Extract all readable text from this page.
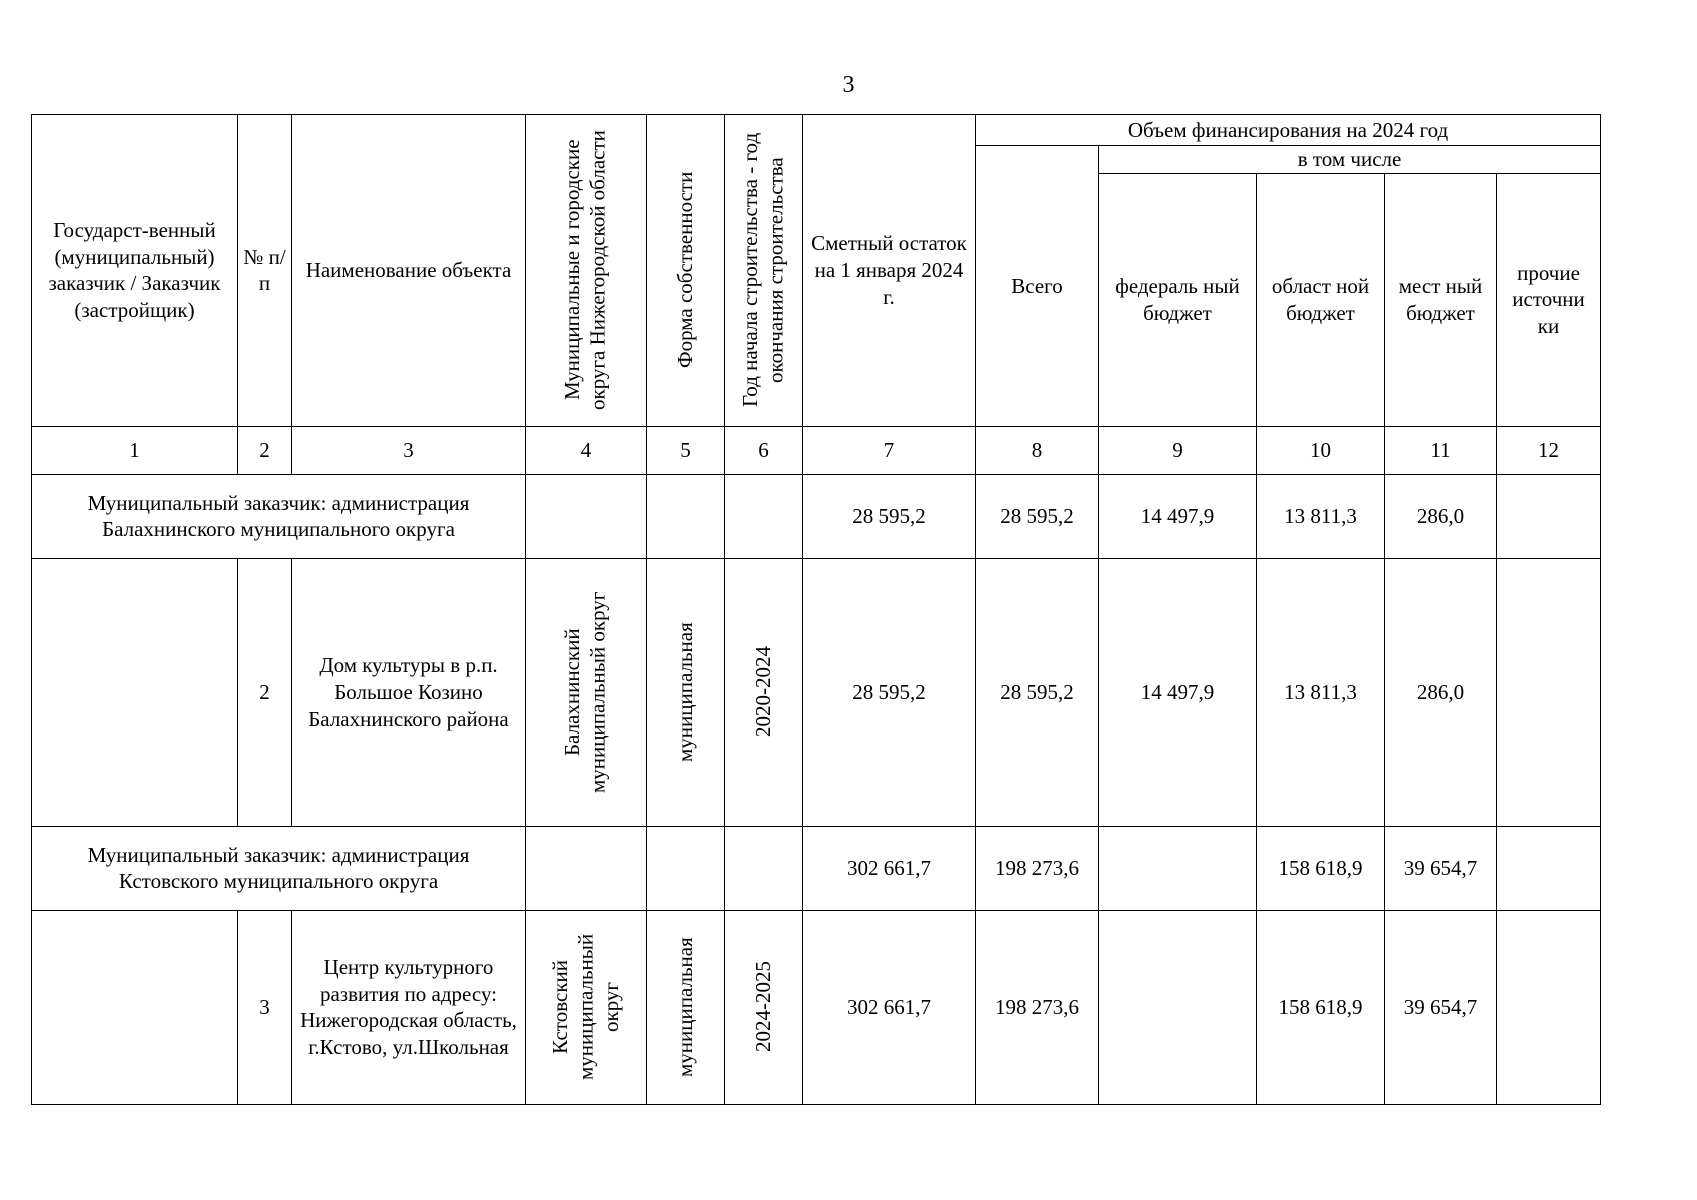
3
Государст-венный (муниципальный) заказчик / Заказчик (застройщик)	№ п/п	Наименование объекта	Муниципальные и городские округа Нижегородской области	Форма собственности	Год начала строительства - год окончания строительства	Сметный остаток на 1 января 2024 г.	Объем финансирования на 2024 год				
							Всего	в том числе			
								федераль ный бюджет	област ной бюджет	мест ный бюджет	прочие источни ки
1	2	3	4	5	6	7	8	9	10	11	12
Муниципальный заказчик: администрация Балахнинского муниципального округа						28 595,2	28 595,2	14 497,9	13 811,3	286,0	
	2	Дом культуры в р.п. Большое Козино Балахнинского района	Балахнинский муниципальный округ	муниципальная	2020-2024	28 595,2	28 595,2	14 497,9	13 811,3	286,0	
Муниципальный заказчик: администрация Кстовского муниципального округа						302 661,7	198 273,6		158 618,9	39 654,7	
	3	Центр культурного развития по адресу: Нижегородская область, г.Кстово, ул.Школьная	Кстовский муниципальный округ	муниципальная	2024-2025	302 661,7	198 273,6		158 618,9	39 654,7	
